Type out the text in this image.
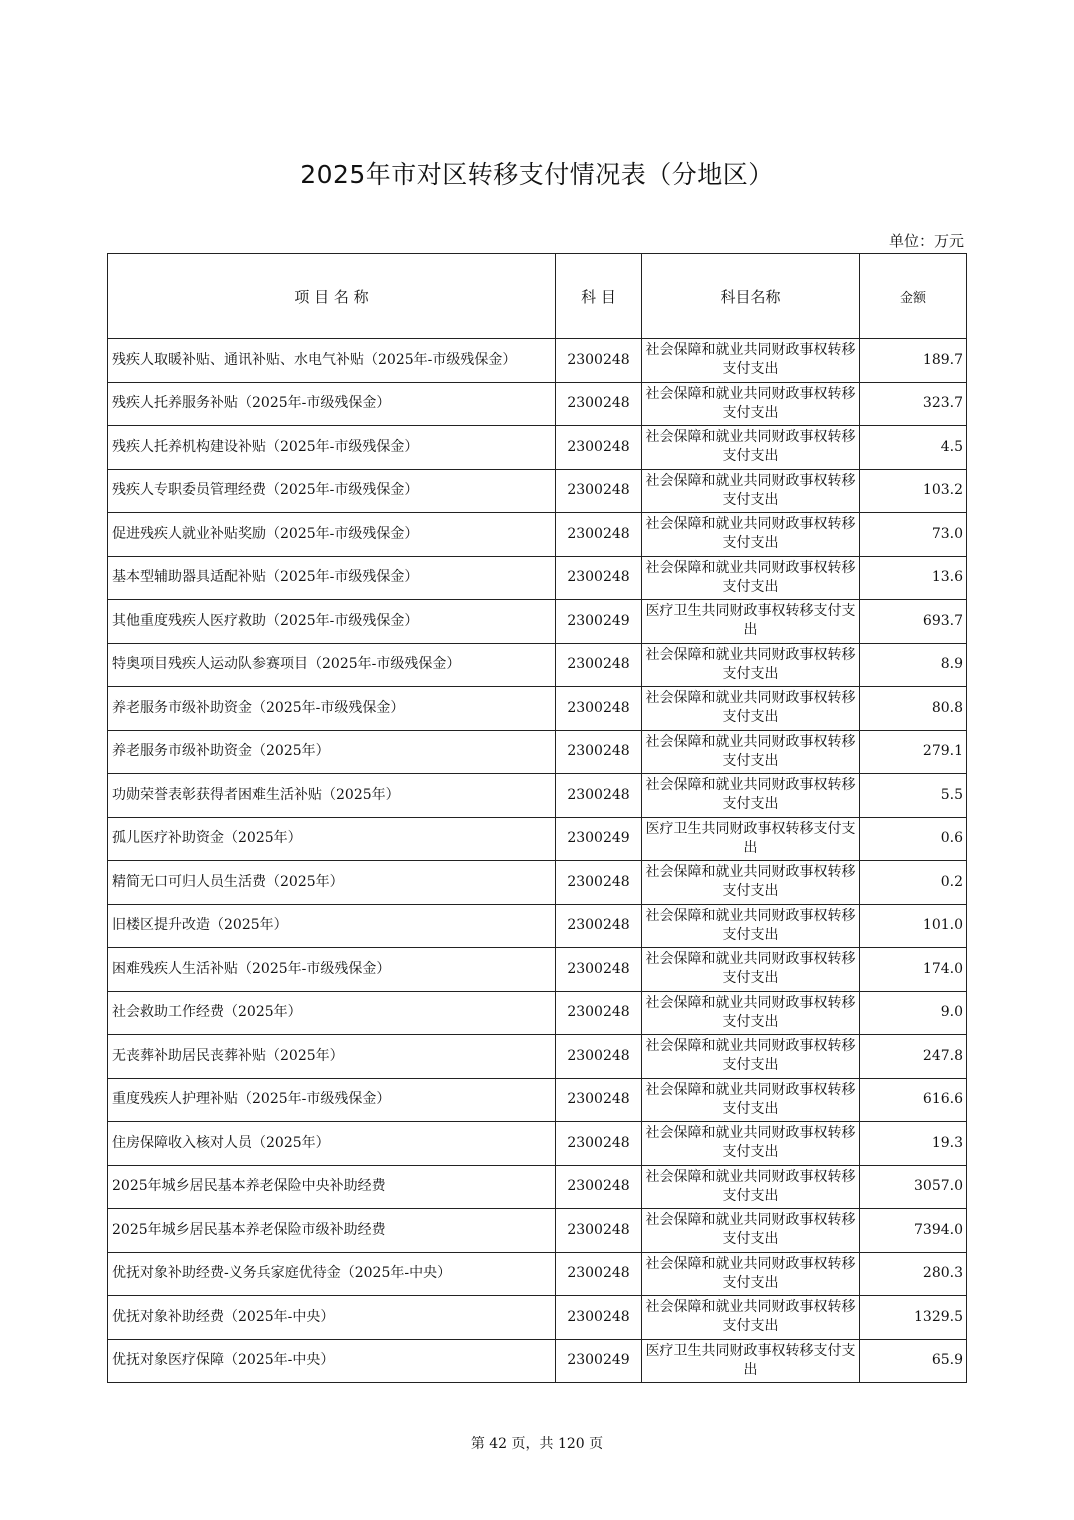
2025年市对区转移支付情况表（分地区）
单位：万元
项 目 名 称	科 目	科目名称	金额
残疾人取暖补贴、通讯补贴、水电气补贴（2025年-市级残保金）	2300248	社会保障和就业共同财政事权转移支付支出	189.7
残疾人托养服务补贴（2025年-市级残保金）	2300248	社会保障和就业共同财政事权转移支付支出	323.7
残疾人托养机构建设补贴（2025年-市级残保金）	2300248	社会保障和就业共同财政事权转移支付支出	4.5
残疾人专职委员管理经费（2025年-市级残保金）	2300248	社会保障和就业共同财政事权转移支付支出	103.2
促进残疾人就业补贴奖励（2025年-市级残保金）	2300248	社会保障和就业共同财政事权转移支付支出	73.0
基本型辅助器具适配补贴（2025年-市级残保金）	2300248	社会保障和就业共同财政事权转移支付支出	13.6
其他重度残疾人医疗救助（2025年-市级残保金）	2300249	医疗卫生共同财政事权转移支付支出	693.7
特奥项目残疾人运动队参赛项目（2025年-市级残保金）	2300248	社会保障和就业共同财政事权转移支付支出	8.9
养老服务市级补助资金（2025年-市级残保金）	2300248	社会保障和就业共同财政事权转移支付支出	80.8
养老服务市级补助资金（2025年）	2300248	社会保障和就业共同财政事权转移支付支出	279.1
功勋荣誉表彰获得者困难生活补贴（2025年）	2300248	社会保障和就业共同财政事权转移支付支出	5.5
孤儿医疗补助资金（2025年）	2300249	医疗卫生共同财政事权转移支付支出	0.6
精简无口可归人员生活费（2025年）	2300248	社会保障和就业共同财政事权转移支付支出	0.2
旧楼区提升改造（2025年）	2300248	社会保障和就业共同财政事权转移支付支出	101.0
困难残疾人生活补贴（2025年-市级残保金）	2300248	社会保障和就业共同财政事权转移支付支出	174.0
社会救助工作经费（2025年）	2300248	社会保障和就业共同财政事权转移支付支出	9.0
无丧葬补助居民丧葬补贴（2025年）	2300248	社会保障和就业共同财政事权转移支付支出	247.8
重度残疾人护理补贴（2025年-市级残保金）	2300248	社会保障和就业共同财政事权转移支付支出	616.6
住房保障收入核对人员（2025年）	2300248	社会保障和就业共同财政事权转移支付支出	19.3
2025年城乡居民基本养老保险中央补助经费	2300248	社会保障和就业共同财政事权转移支付支出	3057.0
2025年城乡居民基本养老保险市级补助经费	2300248	社会保障和就业共同财政事权转移支付支出	7394.0
优抚对象补助经费-义务兵家庭优待金（2025年-中央）	2300248	社会保障和就业共同财政事权转移支付支出	280.3
优抚对象补助经费（2025年-中央）	2300248	社会保障和就业共同财政事权转移支付支出	1329.5
优抚对象医疗保障（2025年-中央）	2300249	医疗卫生共同财政事权转移支付支出	65.9
第 42 页，共 120 页
